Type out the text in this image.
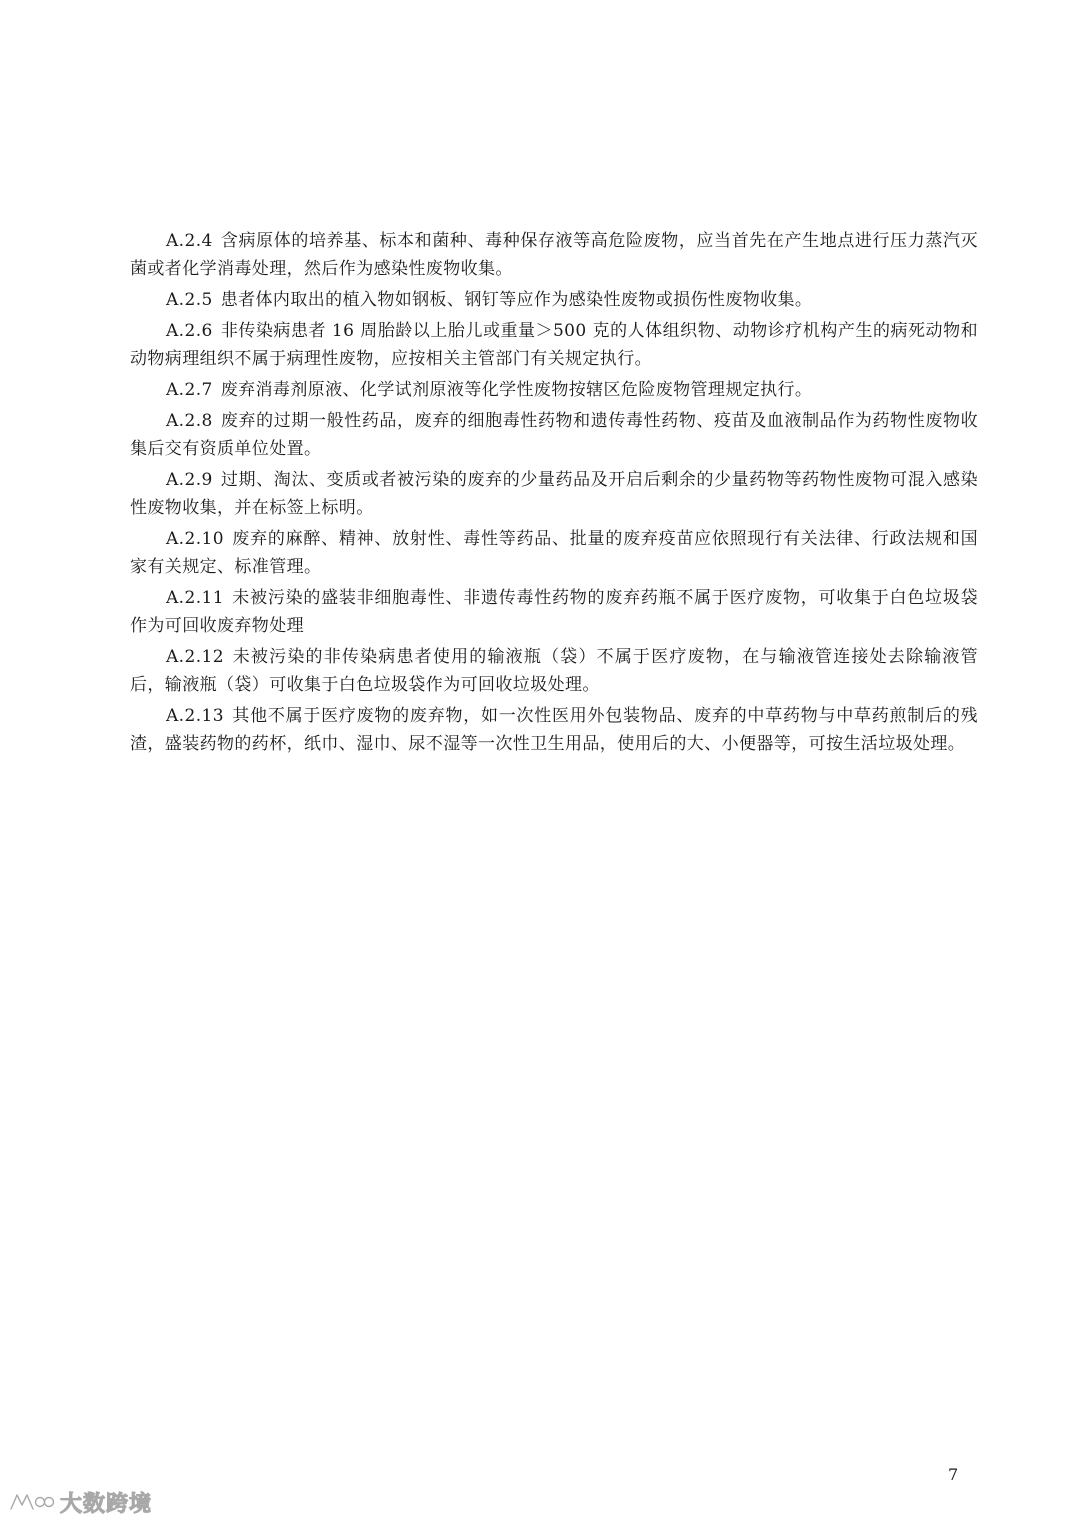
A.2.4 含病原体的培养基、标本和菌种、毒种保存液等高危险废物，应当首先在产生地点进行压力蒸汽灭菌或者化学消毒处理，然后作为感染性废物收集。

A.2.5 患者体内取出的植入物如钢板、钢钉等应作为感染性废物或损伤性废物收集。

A.2.6 非传染病患者 16 周胎龄以上胎儿或重量＞500 克的人体组织物、动物诊疗机构产生的病死动物和动物病理组织不属于病理性废物，应按相关主管部门有关规定执行。

A.2.7 废弃消毒剂原液、化学试剂原液等化学性废物按辖区危险废物管理规定执行。

A.2.8 废弃的过期一般性药品，废弃的细胞毒性药物和遗传毒性药物、疫苗及血液制品作为药物性废物收集后交有资质单位处置。

A.2.9 过期、淘汰、变质或者被污染的废弃的少量药品及开启后剩余的少量药物等药物性废物可混入感染性废物收集，并在标签上标明。

A.2.10 废弃的麻醉、精神、放射性、毒性等药品、批量的废弃疫苗应依照现行有关法律、行政法规和国家有关规定、标准管理。

A.2.11 未被污染的盛装非细胞毒性、非遗传毒性药物的废弃药瓶不属于医疗废物，可收集于白色垃圾袋作为可回收废弃物处理

A.2.12 未被污染的非传染病患者使用的输液瓶（袋）不属于医疗废物，在与输液管连接处去除输液管后，输液瓶（袋）可收集于白色垃圾袋作为可回收垃圾处理。

A.2.13 其他不属于医疗废物的废弃物，如一次性医用外包装物品、废弃的中草药物与中草药煎制后的残渣，盛装药物的药杯，纸巾、湿巾、尿不湿等一次性卫生用品，使用后的大、小便器等，可按生活垃圾处理。

7
大数跨境
